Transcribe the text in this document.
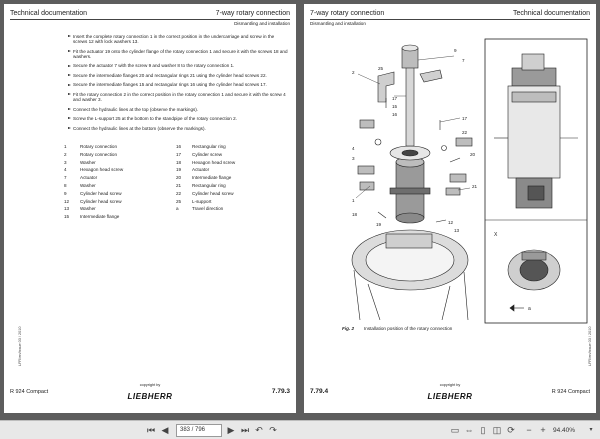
Technical documentation	7-way rotary connection
Dismantling and installation
Insert the complete rotary connection 1 in the correct position in the undercarriage and screw in the screws 12 with lock washers 13.
Fit the actuator 19 onto the cylinder flange of the rotary connection 1 and secure it with the screws 18 and washers.
Secure the actuator 7 with the screw 9 and washer 8 to the rotary connection 1.
Secure the intermediate flanges 20 and rectangular rings 21 using the cylinder head screws 22.
Secure the intermediate flanges 15 and rectangular rings 16 using the cylinder head screws 17.
Fit the rotary connection 2 in the correct position in the rotary connection 1 and secure it with the screw 4 and washer 3.
Connect the hydraulic lines at the top (observe the markings).
Screw the L-support 25 at the bottom to the standpipe of the rotary connection 2.
Connect the hydraulic lines at the bottom (observe the markings).
1	Rotary connection
2	Rotary connection
3	Washer
4	Hexagon head screw
7	Actuator
8	Washer
9	Cylinder head screw
12 Cylinder head screw
13 Washer
15 Intermediate flange
16 Rectangular ring
17 Cylinder screw
18 Hexagon head screw
19 Actuator
20 Intermediate flange
21 Rectangular ring
22 Cylinder head screw
25 L-support
a	Travel direction
LFR/en/Issue 03 / 2010
R 924 Compact	7.79.3
copyright by
LIEBHERR
7-way rotary connection	Technical documentation
Dismantling and installation
2
25
9
7
17
15
16
17
22
20
21
4
3
1
18
19	12
13
X
a
Fig. 2 Installation position of the rotary connection	LFR/en/Issue 03 / 2010
7.79.4	R 924 Compact
copyright by
LIEBHERR
⏮ ◀	383 / 796	▶ ⏭ ↶ ↷	▭ ⇔ ▯ ◫ ⟳ − +	94.40%	▾
